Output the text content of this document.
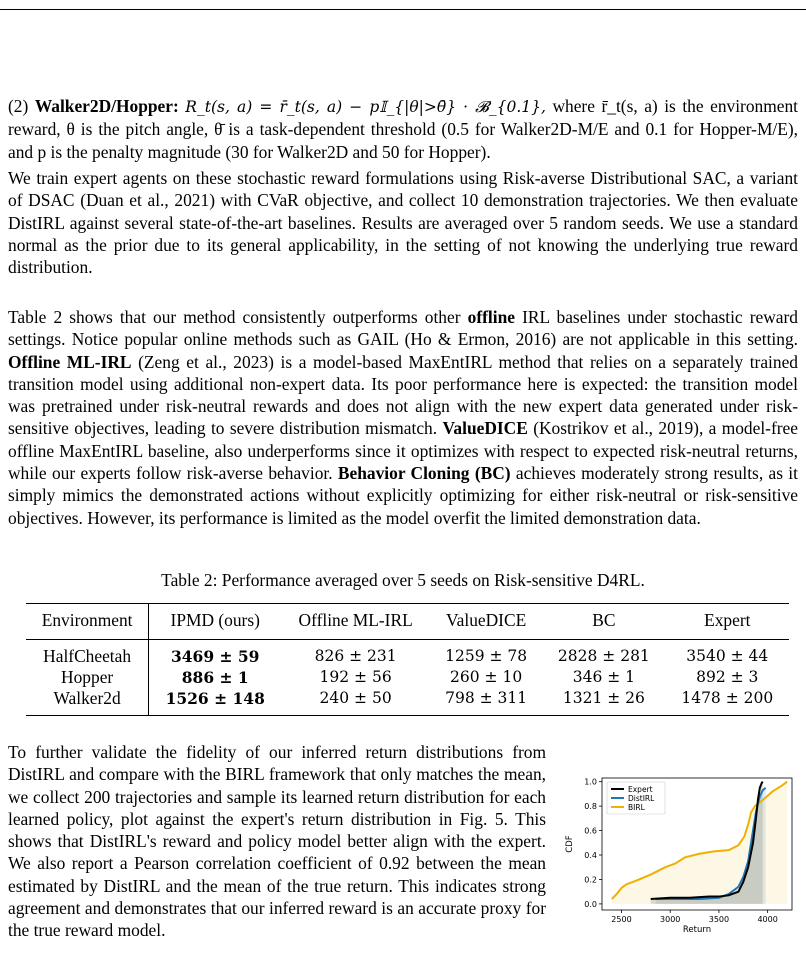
(2) Walker2D/Hopper: R_t(s, a) = r̄_t(s, a) − p𝕀_{|θ|>θ̄} · 𝓑_{0.1}, where r̄_t(s, a) is the environment reward, θ is the pitch angle, θ̄ is a task-dependent threshold (0.5 for Walker2D-M/E and 0.1 for Hopper-M/E), and p is the penalty magnitude (30 for Walker2D and 50 for Hopper).

We train expert agents on these stochastic reward formulations using Risk-averse Distributional SAC, a variant of DSAC (Duan et al., 2021) with CVaR objective, and collect 10 demonstration trajectories. We then evaluate DistIRL against several state-of-the-art baselines. Results are averaged over 5 random seeds. We use a standard normal as the prior due to its general applicability, in the setting of not knowing the underlying true reward distribution.

Table 2 shows that our method consistently outperforms other offline IRL baselines under stochastic reward settings. Notice popular online methods such as GAIL (Ho & Ermon, 2016) are not applicable in this setting. Offline ML-IRL (Zeng et al., 2023) is a model-based MaxEntIRL method that relies on a separately trained transition model using additional non-expert data. Its poor performance here is expected: the transition model was pretrained under risk-neutral rewards and does not align with the new expert data generated under risk-sensitive objectives, leading to severe distribution mismatch. ValueDICE (Kostrikov et al., 2019), a model-free offline MaxEntIRL baseline, also underperforms since it optimizes with respect to expected risk-neutral returns, while our experts follow risk-averse behavior. Behavior Cloning (BC) achieves moderately strong results, as it simply mimics the demonstrated actions without explicitly optimizing for either risk-neutral or risk-sensitive objectives. However, its performance is limited as the model overfit the limited demonstration data.

Table 2: Performance averaged over 5 seeds on Risk-sensitive D4RL.
Environment	IPMD (ours)	Offline ML-IRL	ValueDICE	BC	Expert
HalfCheetah	3469 ± 59	826 ± 231	1259 ± 78	2828 ± 281	3540 ± 44
Hopper	886 ± 1	192 ± 56	260 ± 10	346 ± 1	892 ± 3
Walker2d	1526 ± 148	240 ± 50	798 ± 311	1321 ± 26	1478 ± 200

To further validate the fidelity of our inferred return distributions from DistIRL and compare with the BIRL framework that only matches the mean, we collect 200 trajectories and sample its learned return distribution for each learned policy, plot against the expert's return distribution in Fig. 5. This shows that DistIRL's reward and policy model better align with the expert. We also report a Pearson correlation coefficient of 0.92 between the mean estimated by DistIRL and the mean of the true return. This indicates strong agreement and demonstrates that our inferred reward is an accurate proxy for the true reward model.

2500	3000	3500	4000
0.0
0.2
0.4
0.6
0.8
1.0
Return
CDF
Expert
DistIRL
BIRL
